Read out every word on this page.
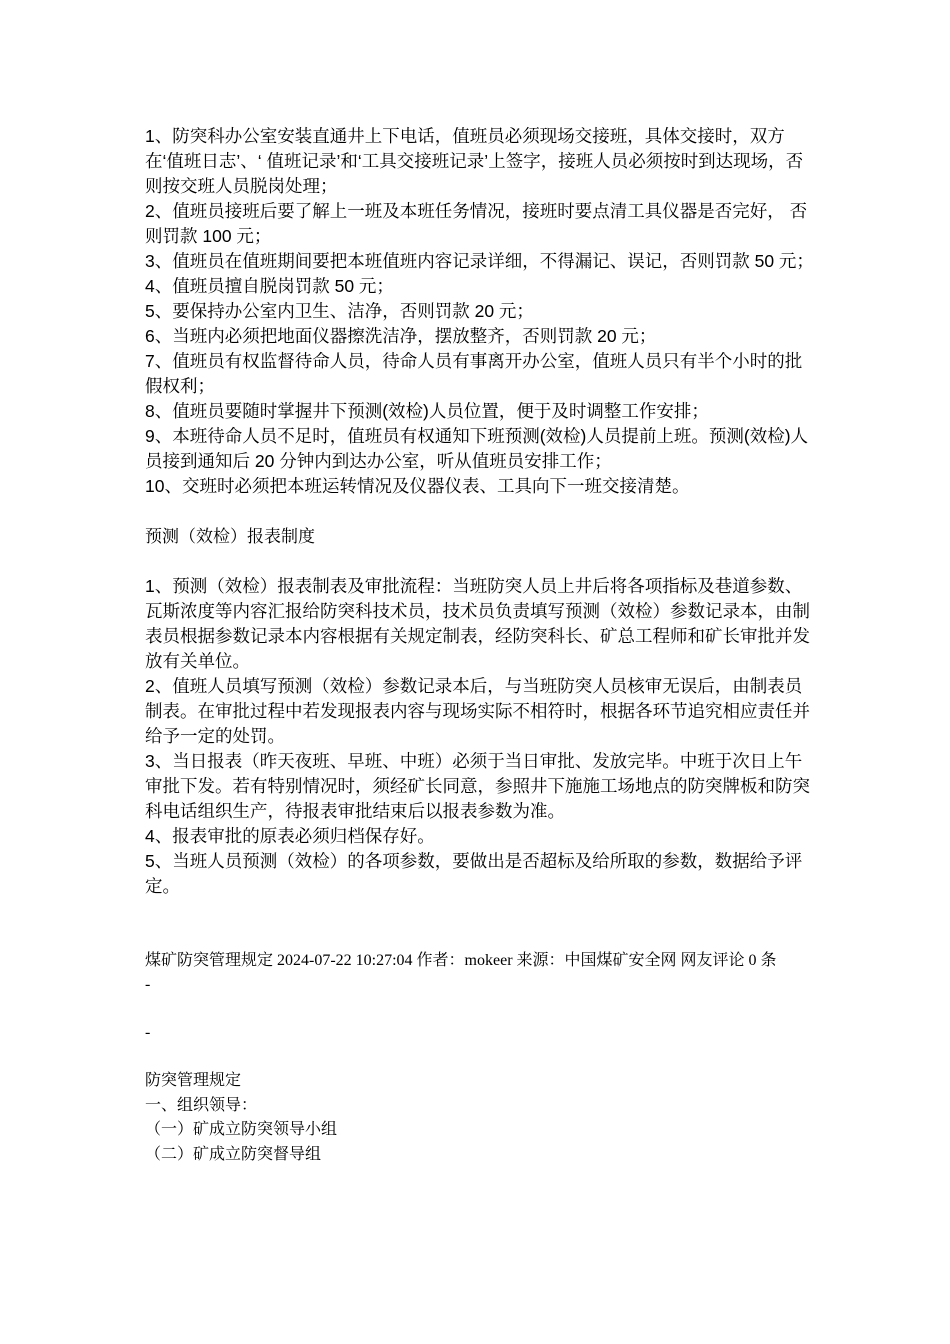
1、防突科办公室安装直通井上下电话，值班员必须现场交接班，具体交接时，双方在‘值班日志’、‘ 值班记录’和‘工具交接班记录’上签字，接班人员必须按时到达现场，否则按交班人员脱岗处理；

2、值班员接班后要了解上一班及本班任务情况，接班时要点清工具仪器是否完好， 否则罚款 100 元；

3、值班员在值班期间要把本班值班内容记录详细，不得漏记、误记，否则罚款 50 元；

4、值班员擅自脱岗罚款 50 元；

5、要保持办公室内卫生、洁净，否则罚款 20 元；

6、当班内必须把地面仪器擦洗洁净，摆放整齐，否则罚款 20 元；

7、值班员有权监督待命人员，待命人员有事离开办公室，值班人员只有半个小时的批假权利；

8、值班员要随时掌握井下预测(效检)人员位置，便于及时调整工作安排；

9、本班待命人员不足时，值班员有权通知下班预测(效检)人员提前上班。预测(效检)人员接到通知后 20 分钟内到达办公室，听从值班员安排工作；

10、交班时必须把本班运转情况及仪器仪表、工具向下一班交接清楚。

预测（效检）报表制度

1、预测（效检）报表制表及审批流程：当班防突人员上井后将各项指标及巷道参数、瓦斯浓度等内容汇报给防突科技术员，技术员负责填写预测（效检）参数记录本，由制表员根据参数记录本内容根据有关规定制表，经防突科长、矿总工程师和矿长审批并发放有关单位。

2、值班人员填写预测（效检）参数记录本后，与当班防突人员核审无误后，由制表员制表。在审批过程中若发现报表内容与现场实际不相符时，根据各环节追究相应责任并给予一定的处罚。

3、当日报表（昨天夜班、早班、中班）必须于当日审批、发放完毕。中班于次日上午审批下发。若有特别情况时，须经矿长同意，参照井下施施工场地点的防突牌板和防突科电话组织生产，待报表审批结束后以报表参数为准。

4、报表审批的原表必须归档保存好。

5、当班人员预测（效检）的各项参数，要做出是否超标及给所取的参数，数据给予评定。

煤矿防突管理规定 2024-07-22 10:27:04 作者：mokeer 来源：中国煤矿安全网 网友评论 0 条
-
-

防突管理规定

一、组织领导：

（一）矿成立防突领导小组

（二）矿成立防突督导组
